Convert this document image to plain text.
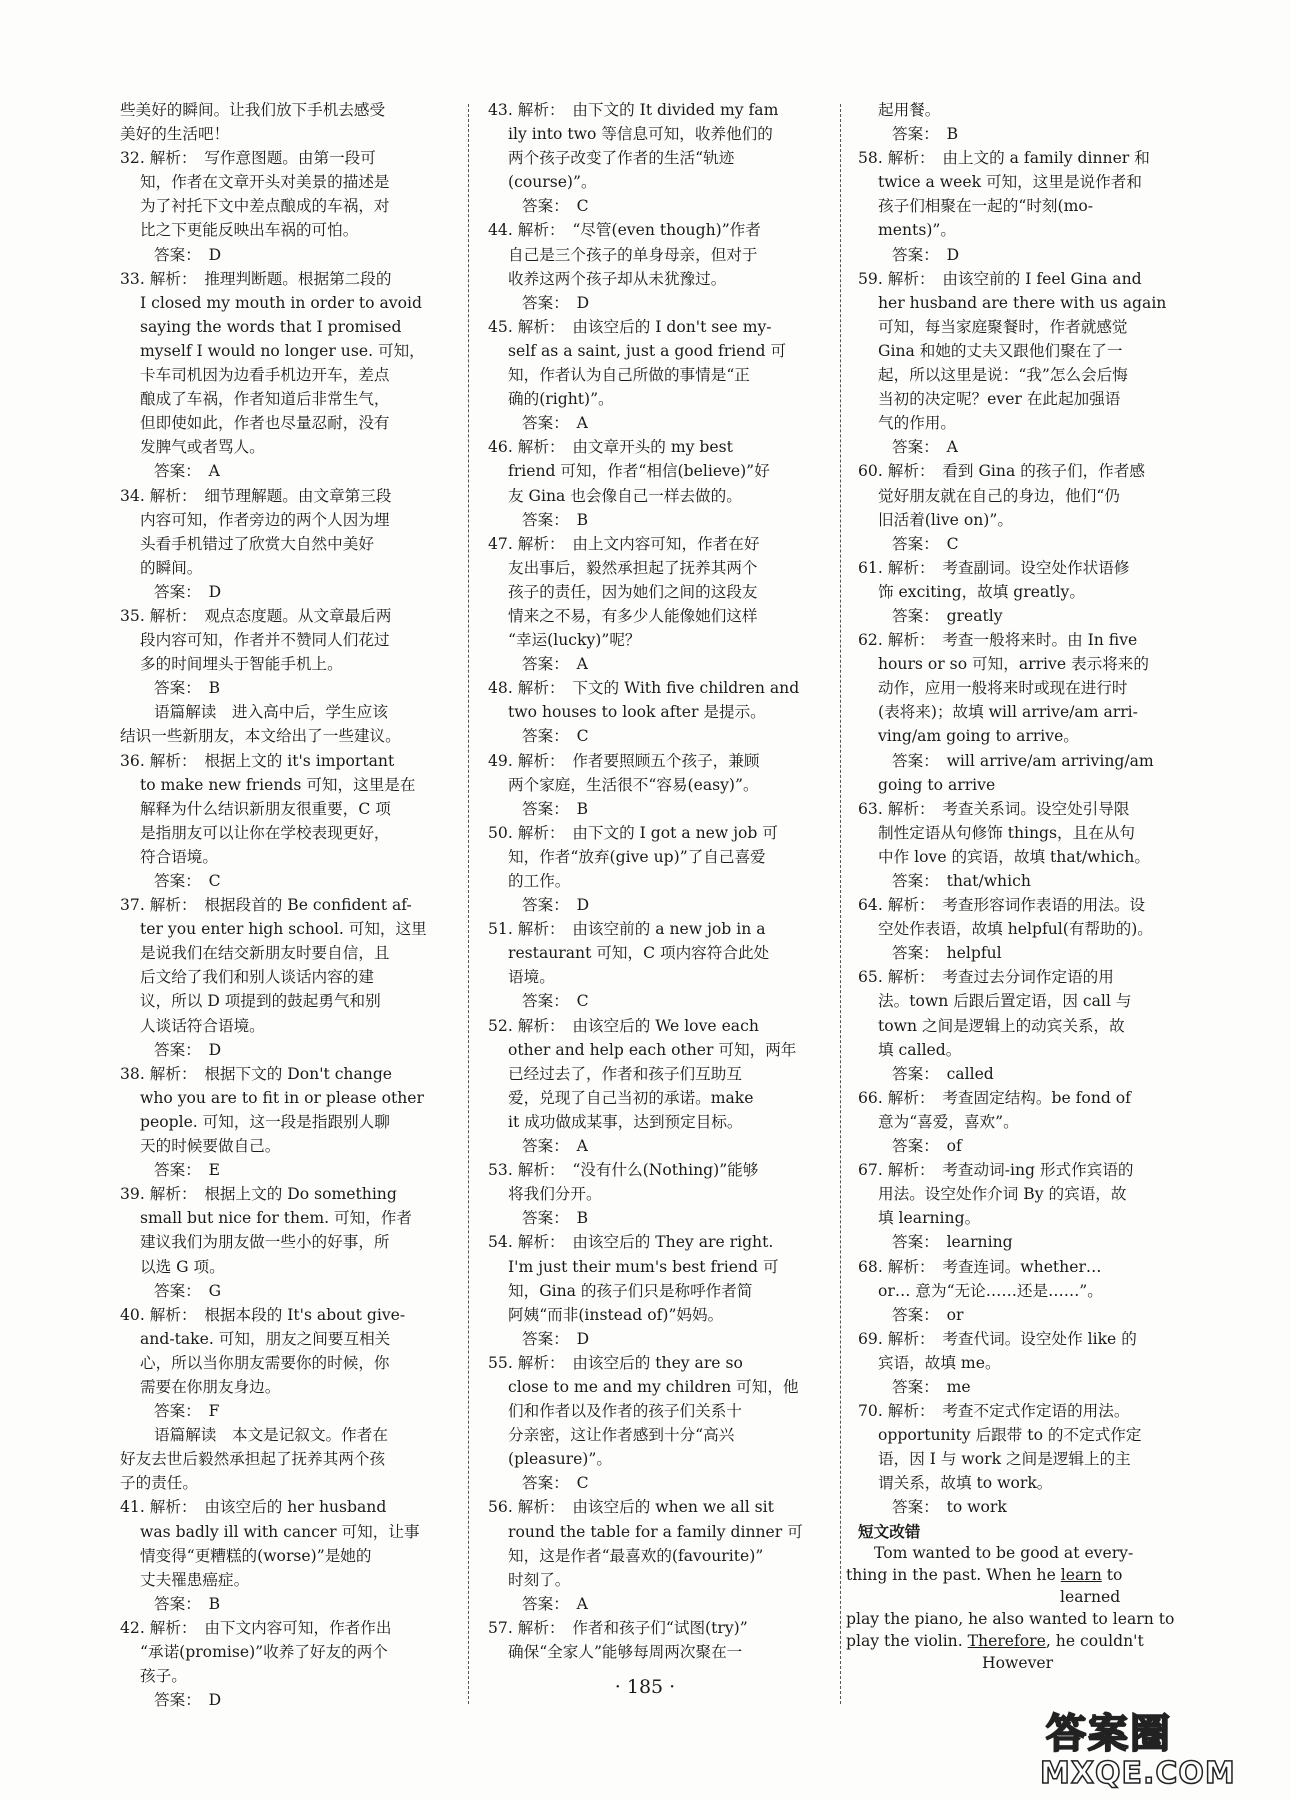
些美好的瞬间。让我们放下手机去感受
美好的生活吧！
32. 解析：　写作意图题。由第一段可
知，作者在文章开头对美景的描述是
为了衬托下文中差点酿成的车祸，对
比之下更能反映出车祸的可怕。
答案：　D
33. 解析：　推理判断题。根据第二段的
I closed my mouth in order to avoid
saying the words that I promised
myself I would no longer use. 可知，
卡车司机因为边看手机边开车，差点
酿成了车祸，作者知道后非常生气，
但即使如此，作者也尽量忍耐，没有
发脾气或者骂人。
答案：　A
34. 解析：　细节理解题。由文章第三段
内容可知，作者旁边的两个人因为埋
头看手机错过了欣赏大自然中美好
的瞬间。
答案：　D
35. 解析：　观点态度题。从文章最后两
段内容可知，作者并不赞同人们花过
多的时间埋头于智能手机上。
答案：　B
语篇解读　进入高中后，学生应该
结识一些新朋友，本文给出了一些建议。
36. 解析：　根据上文的 it's important
to make new friends 可知，这里是在
解释为什么结识新朋友很重要，C 项
是指朋友可以让你在学校表现更好，
符合语境。
答案：　C
37. 解析：　根据段首的 Be confident af-
ter you enter high school. 可知，这里
是说我们在结交新朋友时要自信，且
后文给了我们和别人谈话内容的建
议，所以 D 项提到的鼓起勇气和别
人谈话符合语境。
答案：　D
38. 解析：　根据下文的 Don't change
who you are to fit in or please other
people. 可知，这一段是指跟别人聊
天的时候要做自己。
答案：　E
39. 解析：　根据上文的 Do something
small but nice for them. 可知，作者
建议我们为朋友做一些小的好事，所
以选 G 项。
答案：　G
40. 解析：　根据本段的 It's about give-
and-take. 可知，朋友之间要互相关
心，所以当你朋友需要你的时候，你
需要在你朋友身边。
答案：　F
语篇解读　本文是记叙文。作者在
好友去世后毅然承担起了抚养其两个孩
子的责任。
41. 解析：　由该空后的 her husband
was badly ill with cancer 可知，让事
情变得“更糟糕的(worse)”是她的
丈夫罹患癌症。
答案：　B
42. 解析：　由下文内容可知，作者作出
“承诺(promise)”收养了好友的两个
孩子。
答案：　D
43. 解析：　由下文的 It divided my fam
ily into two 等信息可知，收养他们的
两个孩子改变了作者的生活“轨迹
(course)”。
答案：　C
44. 解析：　“尽管(even though)”作者
自己是三个孩子的单身母亲，但对于
收养这两个孩子却从未犹豫过。
答案：　D
45. 解析：　由该空后的 I don't see my-
self as a saint, just a good friend 可
知，作者认为自己所做的事情是“正
确的(right)”。
答案：　A
46. 解析：　由文章开头的 my best
friend 可知，作者“相信(believe)”好
友 Gina 也会像自己一样去做的。
答案：　B
47. 解析：　由上文内容可知，作者在好
友出事后，毅然承担起了抚养其两个
孩子的责任，因为她们之间的这段友
情来之不易，有多少人能像她们这样
“幸运(lucky)”呢？
答案：　A
48. 解析：　下文的 With five children and
two houses to look after 是提示。
答案：　C
49. 解析：　作者要照顾五个孩子，兼顾
两个家庭，生活很不“容易(easy)”。
答案：　B
50. 解析：　由下文的 I got a new job 可
知，作者“放弃(give up)”了自己喜爱
的工作。
答案：　D
51. 解析：　由该空前的 a new job in a
restaurant 可知，C 项内容符合此处
语境。
答案：　C
52. 解析：　由该空后的 We love each
other and help each other 可知，两年
已经过去了，作者和孩子们互助互
爱，兑现了自己当初的承诺。make
it 成功做成某事，达到预定目标。
答案：　A
53. 解析：　“没有什么(Nothing)”能够
将我们分开。
答案：　B
54. 解析：　由该空后的 They are right.
I'm just their mum's best friend 可
知，Gina 的孩子们只是称呼作者简
阿姨“而非(instead of)”妈妈。
答案：　D
55. 解析：　由该空后的 they are so
close to me and my children 可知，他
们和作者以及作者的孩子们关系十
分亲密，这让作者感到十分“高兴
(pleasure)”。
答案：　C
56. 解析：　由该空后的 when we all sit
round the table for a family dinner 可
知，这是作者“最喜欢的(favourite)”
时刻了。
答案：　A
57. 解析：　作者和孩子们“试图(try)”
确保“全家人”能够每周两次聚在一
起用餐。
答案：　B
58. 解析：　由上文的 a family dinner 和
twice a week 可知，这里是说作者和
孩子们相聚在一起的“时刻(mo-
ments)”。
答案：　D
59. 解析：　由该空前的 I feel Gina and
her husband are there with us again
可知，每当家庭聚餐时，作者就感觉
Gina 和她的丈夫又跟他们聚在了一
起，所以这里是说：“我”怎么会后悔
当初的决定呢？ever 在此起加强语
气的作用。
答案：　A
60. 解析：　看到 Gina 的孩子们，作者感
觉好朋友就在自己的身边，他们“仍
旧活着(live on)”。
答案：　C
61. 解析：　考查副词。设空处作状语修
饰 exciting，故填 greatly。
答案：　greatly
62. 解析：　考查一般将来时。由 In five
hours or so 可知，arrive 表示将来的
动作，应用一般将来时或现在进行时
(表将来)；故填 will arrive/am arri-
ving/am going to arrive。
答案：　will arrive/am arriving/am
going to arrive
63. 解析：　考查关系词。设空处引导限
制性定语从句修饰 things，且在从句
中作 love 的宾语，故填 that/which。
答案：　that/which
64. 解析：　考查形容词作表语的用法。设
空处作表语，故填 helpful(有帮助的)。
答案：　helpful
65. 解析：　考查过去分词作定语的用
法。town 后跟后置定语，因 call 与
town 之间是逻辑上的动宾关系，故
填 called。
答案：　called
66. 解析：　考查固定结构。be fond of
意为“喜爱，喜欢”。
答案：　of
67. 解析：　考查动词-ing 形式作宾语的
用法。设空处作介词 By 的宾语，故
填 learning。
答案：　learning
68. 解析：　考查连词。whether…
or… 意为“无论……还是……”。
答案：　or
69. 解析：　考查代词。设空处作 like 的
宾语，故填 me。
答案：　me
70. 解析：　考查不定式作定语的用法。
opportunity 后跟带 to 的不定式作定
语，因 I 与 work 之间是逻辑上的主
谓关系，故填 to work。
答案：　to work
短文改错
Tom wanted to be good at every-
thing in the past. When he learn to
learned
play the piano, he also wanted to learn to
play the violin. Therefore, he couldn't
However
· 185 ·
答案圈
MXQE.COM
